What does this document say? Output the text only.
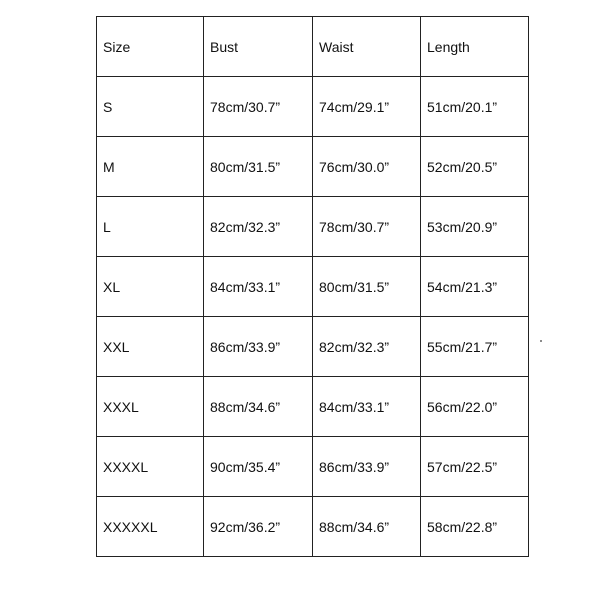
Size	Bust	Waist	Length
S	78cm/30.7”	74cm/29.1”	51cm/20.1”
M	80cm/31.5”	76cm/30.0”	52cm/20.5”
L	82cm/32.3”	78cm/30.7”	53cm/20.9”
XL	84cm/33.1”	80cm/31.5”	54cm/21.3”
XXL	86cm/33.9”	82cm/32.3”	55cm/21.7”
XXXL	88cm/34.6”	84cm/33.1”	56cm/22.0”
XXXXL	90cm/35.4”	86cm/33.9”	57cm/22.5”
XXXXXL	92cm/36.2”	88cm/34.6”	58cm/22.8”
